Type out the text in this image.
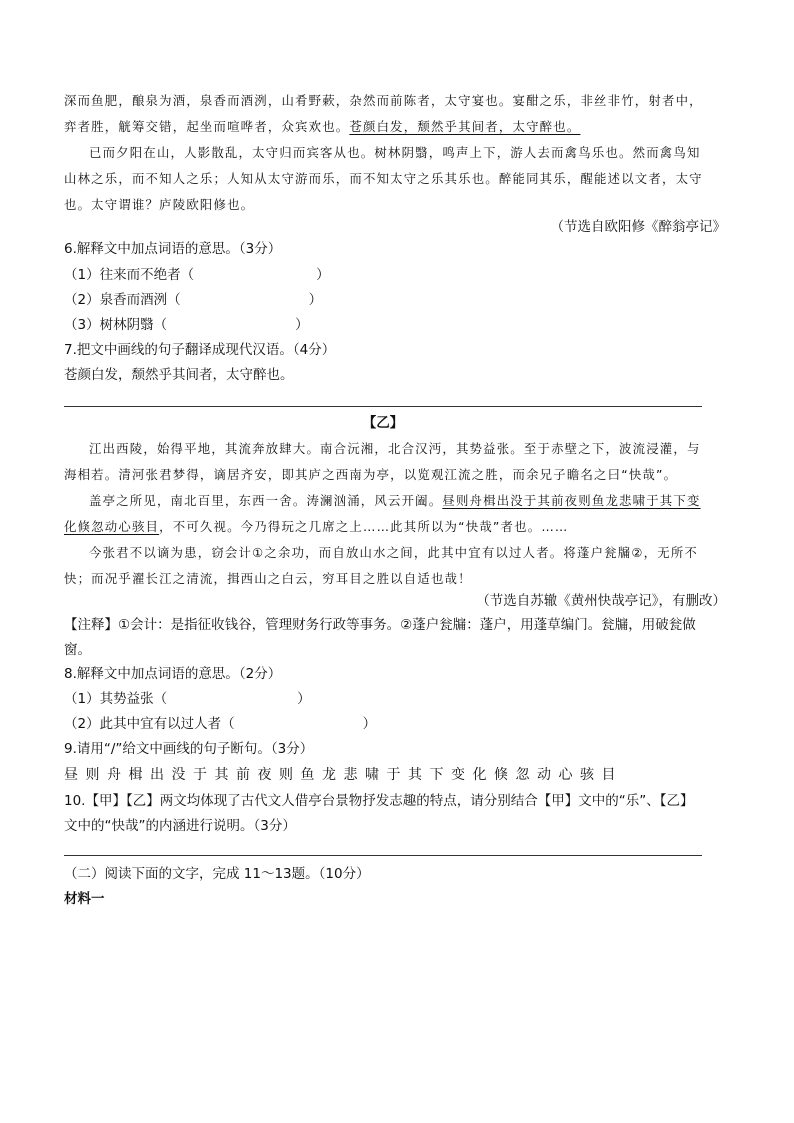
深而鱼肥，酿泉为酒，泉香而酒洌，山肴野蔌，杂然而前陈者，太守宴也。宴酣之乐，非丝非竹，射者中，
弈者胜，觥筹交错，起坐而喧哗者，众宾欢也。苍颜白发，颓然乎其间者，太守醉也。
已而夕阳在山，人影散乱，太守归而宾客从也。树林阴翳，鸣声上下，游人去而禽鸟乐也。然而禽鸟知
山林之乐，而不知人之乐；人知从太守游而乐，而不知太守之乐其乐也。醉能同其乐，醒能述以文者，太守
也。太守谓谁？庐陵欧阳修也。
（节选自欧阳修《醉翁亭记》
6.解释文中加点词语的意思。（3分）
（1）往来而不绝者（	）
（2）泉香而酒洌（	）
（3）树林阴翳（	）
7.把文中画线的句子翻译成现代汉语。（4分）
苍颜白发，颓然乎其间者，太守醉也。
【乙】
江出西陵，始得平地，其流奔放肆大。南合沅湘，北合汉沔，其势益张。至于赤壁之下，波流浸灌，与
海相若。清河张君梦得，谪居齐安，即其庐之西南为亭，以览观江流之胜，而余兄子瞻名之曰“快哉”。
盖亭之所见，南北百里，东西一舍。涛澜汹涌，风云开阖。昼则舟楫出没于其前夜则鱼龙悲啸于其下变
化倏忽动心骇目，不可久视。今乃得玩之几席之上……此其所以为“快哉”者也。……
今张君不以谪为患，窃会计①之余功，而自放山水之间，此其中宜有以过人者。将蓬户瓮牖②，无所不
快；而况乎濯长江之清流，揖西山之白云，穷耳目之胜以自适也哉！
（节选自苏辙《黄州快哉亭记》，有删改）
【注释】①会计：是指征收钱谷，管理财务行政等事务。②蓬户瓮牖：蓬户，用蓬草编门。瓮牖，用破瓮做
窗。
8.解释文中加点词语的意思。（2分）
（1）其势益张（	）
（2）此其中宜有以过人者（	）
9.请用“/”给文中画线的句子断句。（3分）
昼则舟楫出没于其前夜则鱼龙悲啸于其下变化倏忽动心骇目
10.【甲】【乙】两文均体现了古代文人借亭台景物抒发志趣的特点，请分别结合【甲】文中的“乐”、【乙】
文中的“快哉”的内涵进行说明。（3分）
（二）阅读下面的文字，完成 11～13题。（10分）
材料一
